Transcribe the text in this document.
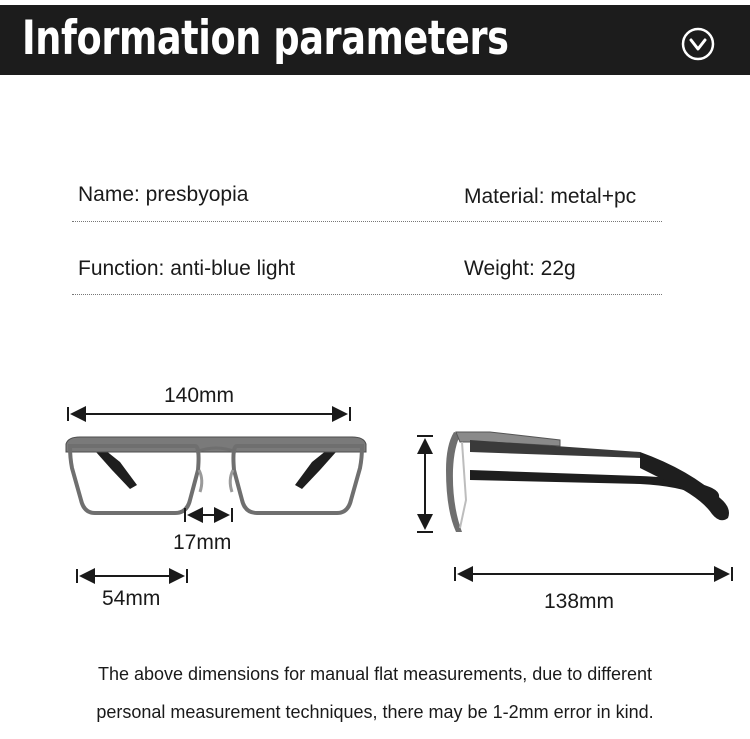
Information parameters
Name: presbyopia	Material: metal+pc
Function: anti-blue light	Weight: 22g
140mm
17mm
54mm	138mm
The above dimensions for manual flat measurements, due to different
personal measurement techniques, there may be 1-2mm error in kind.
